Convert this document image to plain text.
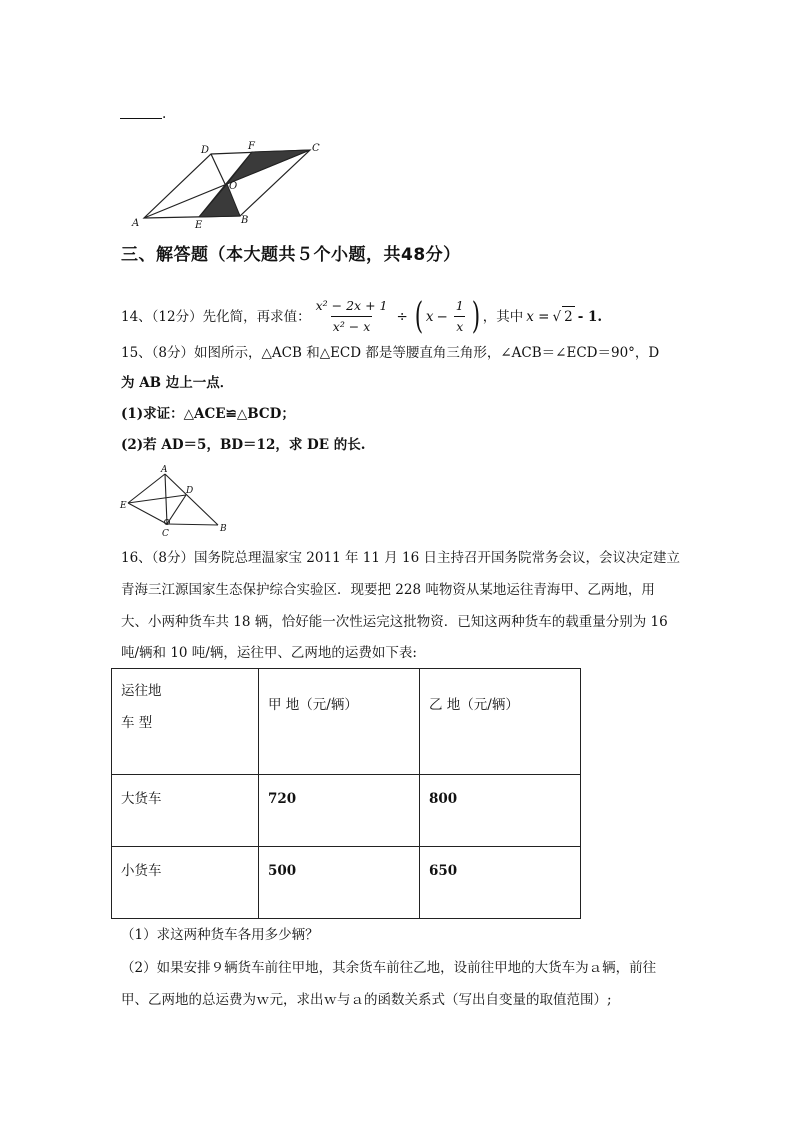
.
D	F	C
O
A	E	B
三、解答题（本大题共５个小题，共48分）
14、（12分）先化简，再求值： $\frac{\text{x² − 2x + 1}}{\text{x² − x}}$ ÷ ( $x - \frac{1}{x}$ ) ，其中 x = √ 2 - 1.
15、（8分）如图所示，△ACB 和△ECD 都是等腰直角三角形，∠ACB＝∠ECD＝90°，D
为 AB 边上一点．
(1)求证：△ACE≌△BCD；
(2)若 AD＝5，BD＝12，求 DE 的长.
A
D
E
C	B
16、（8分）国务院总理温家宝 2011 年 11 月 16 日主持召开国务院常务会议，会议决定建立
青海三江源国家生态保护综合实验区．现要把 228 吨物资从某地运往青海甲、乙两地，用
大、小两种货车共 18 辆，恰好能一次性运完这批物资．已知这两种货车的载重量分别为 16
吨/辆和 10 吨/辆，运往甲、乙两地的运费如下表:
运往地
车 型	甲 地（元/辆）	乙 地（元/辆）

大货车	720	800

小货车	500	650
（1）求这两种货车各用多少辆？
（2）如果安排９辆货车前往甲地，其余货车前往乙地，设前往甲地的大货车为ａ辆，前往
甲、乙两地的总运费为ｗ元，求出ｗ与ａ的函数关系式（写出自变量的取值范围）;
